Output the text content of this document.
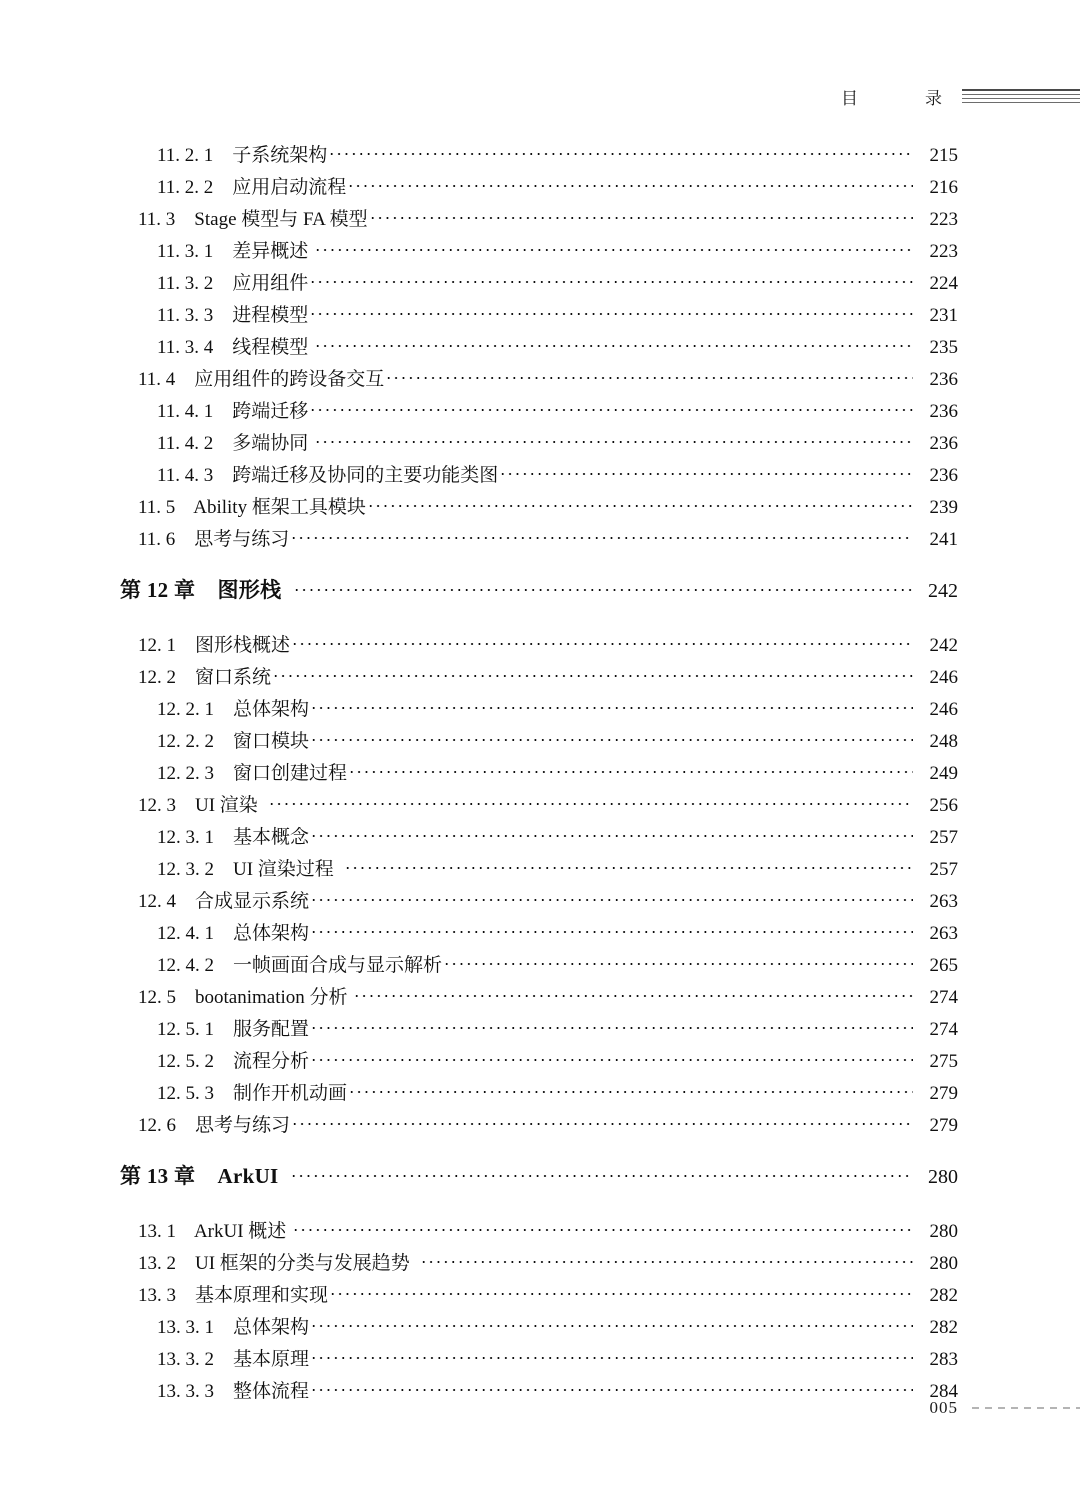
目    录
11. 2. 1    子系统架构	215
11. 2. 2    应用启动流程	216
11. 3    Stage 模型与 FA 模型	223
11. 3. 1    差异概述	223
11. 3. 2    应用组件	224
11. 3. 3    进程模型	231
11. 3. 4    线程模型	235
11. 4    应用组件的跨设备交互	236
11. 4. 1    跨端迁移	236
11. 4. 2    多端协同	236
11. 4. 3    跨端迁移及协同的主要功能类图	236
11. 5    Ability 框架工具模块	239
11. 6    思考与练习	241
第 12 章    图形栈	242
12. 1    图形栈概述	242
12. 2    窗口系统	246
12. 2. 1    总体架构	246
12. 2. 2    窗口模块	248
12. 2. 3    窗口创建过程	249
12. 3    UI 渲染	256
12. 3. 1    基本概念	257
12. 3. 2    UI 渲染过程	257
12. 4    合成显示系统	263
12. 4. 1    总体架构	263
12. 4. 2    一帧画面合成与显示解析	265
12. 5    bootanimation 分析	274
12. 5. 1    服务配置	274
12. 5. 2    流程分析	275
12. 5. 3    制作开机动画	279
12. 6    思考与练习	279
第 13 章    ArkUI	280
13. 1    ArkUI 概述	280
13. 2    UI 框架的分类与发展趋势	280
13. 3    基本原理和实现	282
13. 3. 1    总体架构	282
13. 3. 2    基本原理	283
13. 3. 3    整体流程	284
005
